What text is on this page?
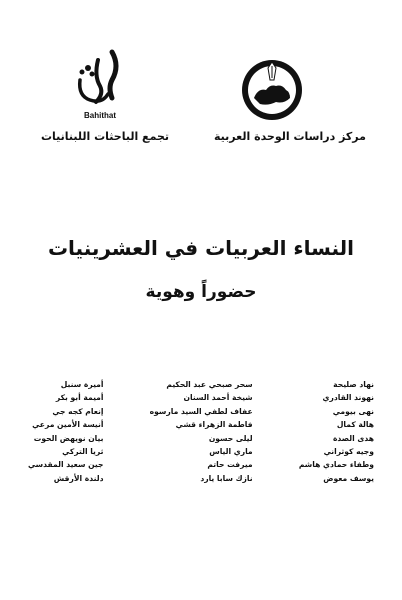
Bahithat
مركز دراسات الوحدة العربية
تجمع الباحثات اللبنانيات
النساء العربيات في العشرينيات
حضوراً وهوية
أميرة سنبل
أميمة أبو بكر
إنعام كجه جي
أنيسة الأمين مرعي
بيان نويهض الحوت
ثريا التركي
جين سعيد المقدسي
دلندة الأرقش
سحر صبحي عبد الحكيم
شيخة أحمد السنان
عفاف لطفي السيد مارسوه
فاطمة الزهراء قشي
ليلى حسون
ماري الياس
ميرفت حاتم
نازك سابا يارد
نهاد صليحة
نهوند القادري
نهى بيومي
هالة كمال
هدى الصدة
وجيه كوثراني
وطفاء حمادي هاشم
يوسف معوض
